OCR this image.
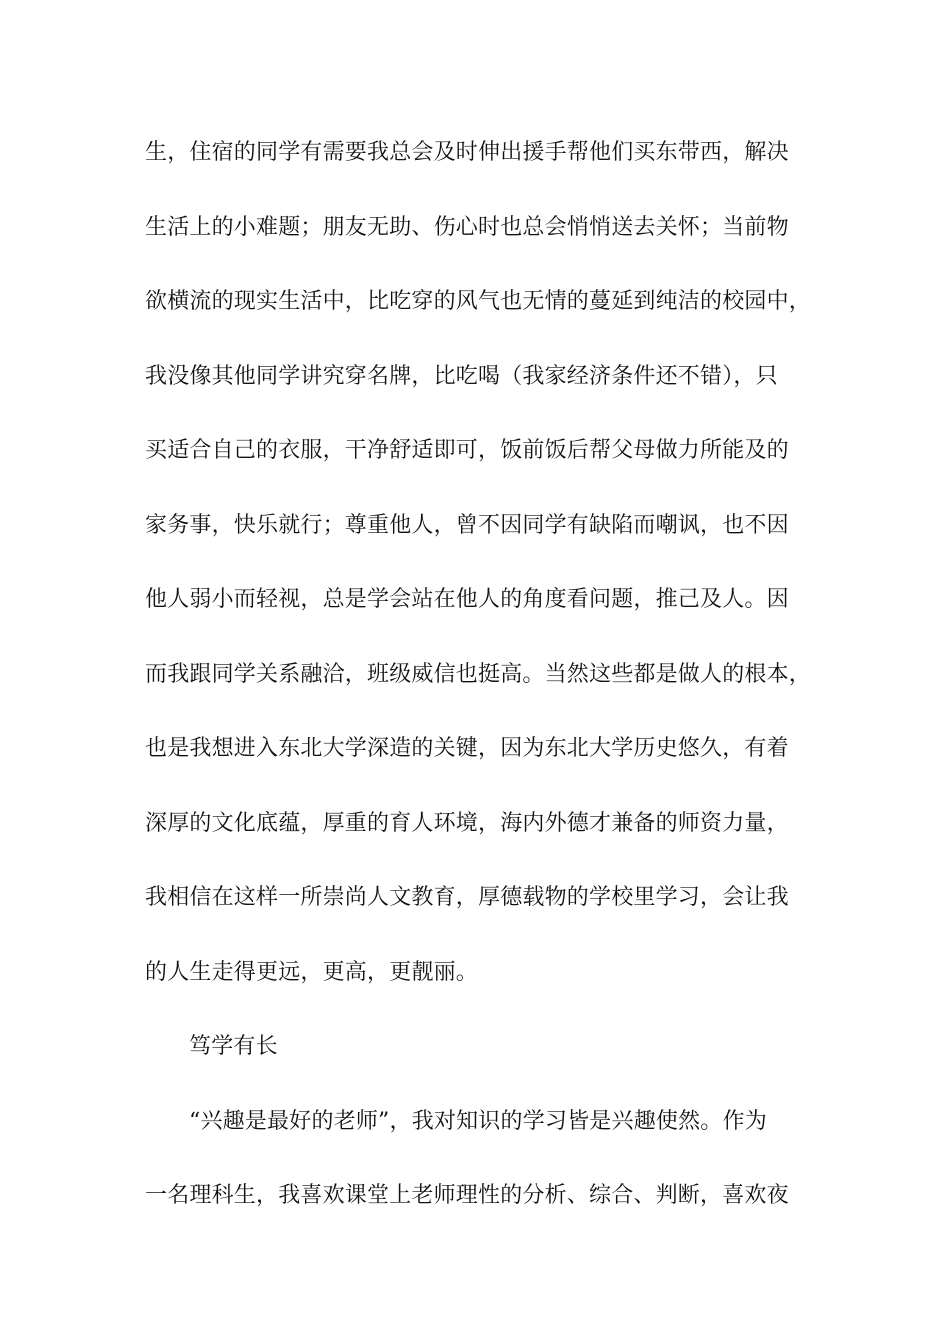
生，住宿的同学有需要我总会及时伸出援手帮他们买东带西，解决
生活上的小难题；朋友无助、伤心时也总会悄悄送去关怀；当前物
欲横流的现实生活中，比吃穿的风气也无情的蔓延到纯洁的校园中，
我没像其他同学讲究穿名牌，比吃喝（我家经济条件还不错），只
买适合自己的衣服，干净舒适即可，饭前饭后帮父母做力所能及的
家务事，快乐就行；尊重他人，曾不因同学有缺陷而嘲讽，也不因
他人弱小而轻视，总是学会站在他人的角度看问题，推己及人。因
而我跟同学关系融洽，班级威信也挺高。当然这些都是做人的根本，
也是我想进入东北大学深造的关键，因为东北大学历史悠久，有着
深厚的文化底蕴，厚重的育人环境，海内外德才兼备的师资力量，
我相信在这样一所崇尚人文教育，厚德载物的学校里学习，会让我
的人生走得更远，更高，更靓丽。
笃学有长
“兴趣是最好的老师”，我对知识的学习皆是兴趣使然。作为
一名理科生，我喜欢课堂上老师理性的分析、综合、判断，喜欢夜
